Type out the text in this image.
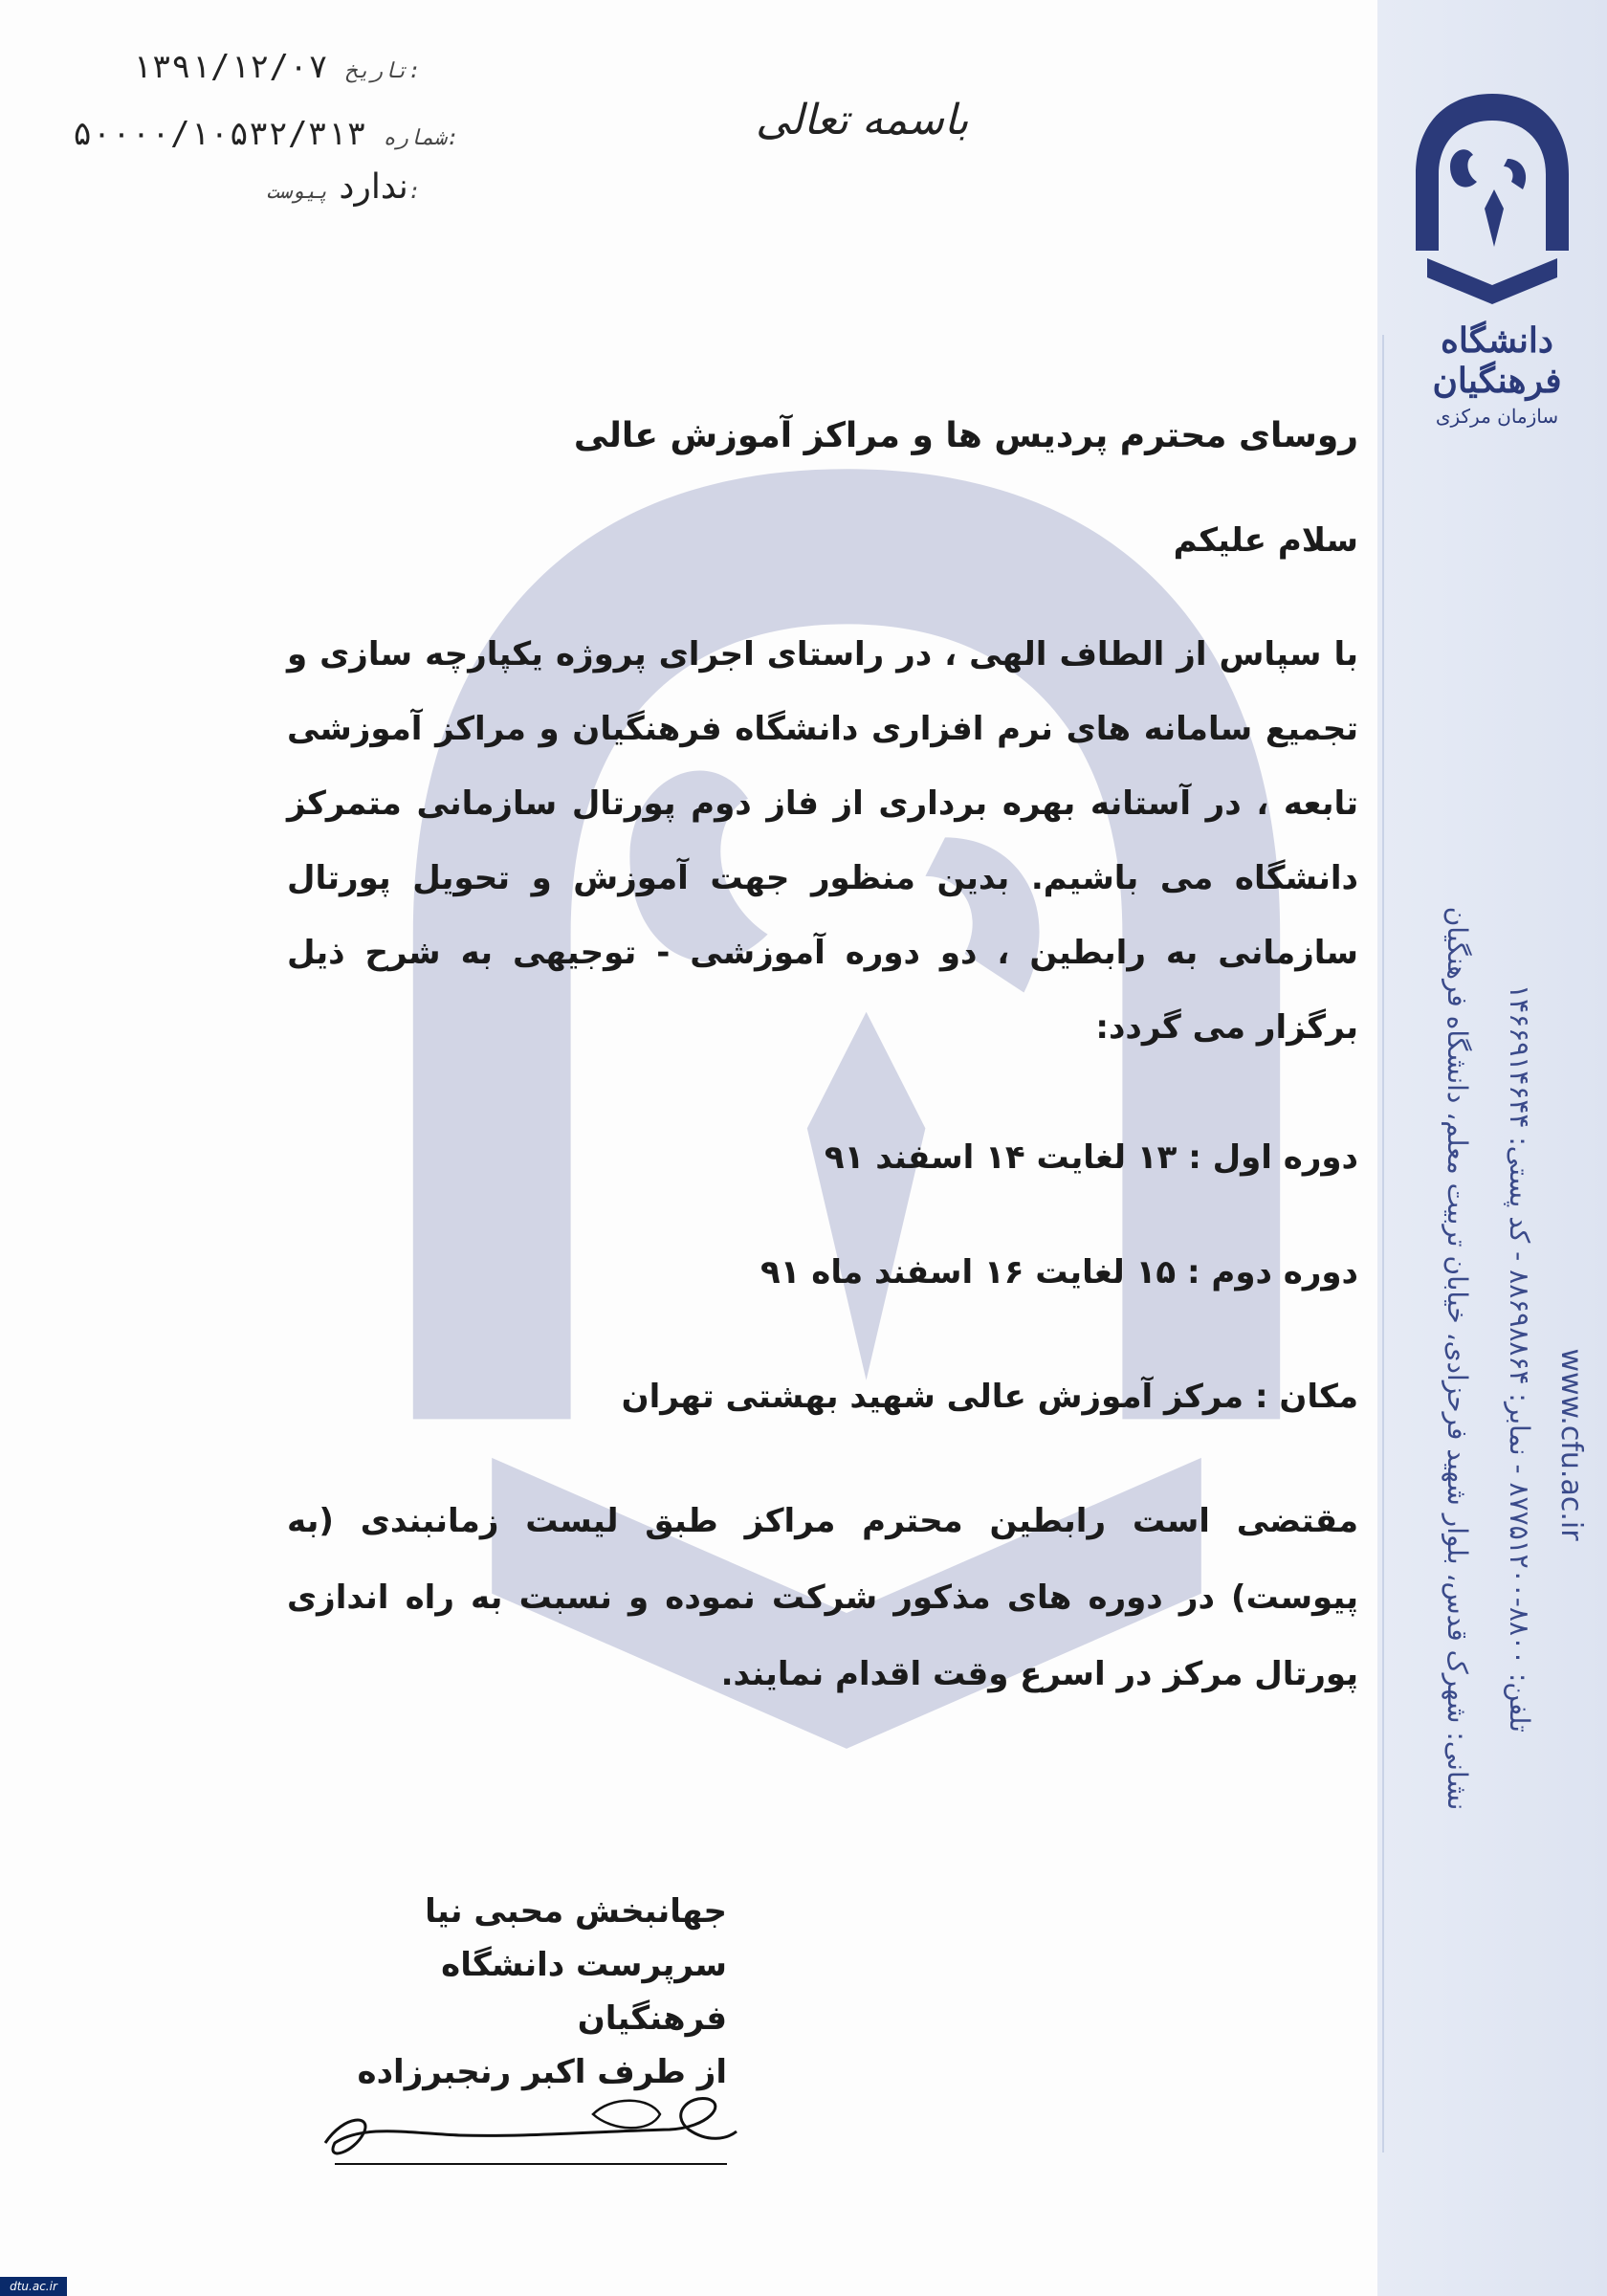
دانشگاه فرهنگیان
سازمان مرکزی
نشانی: شهرک قدس، بلوار شهید فرحزادی، خیابان تربیت معلم، دانشگاه فرهنگیان	تلفن: ۸۸۰۰-۸۷۷۵۱۲۰۰ - نمابر: ۸۸۶۹۸۸۶۴ - کد پستی: ۱۴۶۶۹۱۴۶۴۴
www.cfu.ac.ir
۱۳۹۱/۱۲/۰۷ تاریخ:
۵۰۰۰۰/۱۰۵۳۲/۳۱۳ شماره:
ندارد پیوست:
باسمه تعالی
روسای محترم پردیس ها و مراکز آموزش عالی
سلام علیکم
با سپاس از الطاف الهی ، در راستای اجرای پروژه یکپارچه سازی و تجمیع سامانه های نرم افزاری دانشگاه فرهنگیان و مراکز آموزشی تابعه ، در آستانه بهره برداری از فاز دوم پورتال سازمانی متمرکز دانشگاه می باشیم. بدین منظور جهت آموزش و تحویل پورتال سازمانی به رابطین ، دو دوره آموزشی - توجیهی به شرح ذیل برگزار می گردد:
دوره اول : ۱۳ لغایت ۱۴ اسفند ۹۱
دوره دوم : ۱۵ لغایت ۱۶ اسفند ماه ۹۱
مکان : مرکز آموزش عالی شهید بهشتی تهران
مقتضی است رابطین محترم مراکز طبق لیست زمانبندی (به پیوست) در دوره های مذکور شرکت نموده و نسبت به راه اندازی پورتال مرکز در اسرع وقت اقدام نمایند.
جهانبخش محبی نیا
سرپرست دانشگاه فرهنگیان
از طرف اکبر رنجبرزاده
dtu.ac.ir
